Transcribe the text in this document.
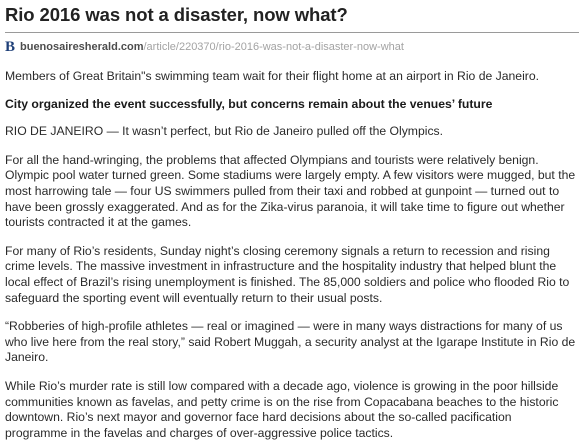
Rio 2016 was not a disaster, now what?
B buenosairesherald.com /article/220370/rio-2016-was-not-a-disaster-now-what

Members of Great Britain"s swimming team wait for their flight home at an airport in Rio de Janeiro.

City organized the event successfully, but concerns remain about the venues’ future

RIO DE JANEIRO — It wasn’t perfect, but Rio de Janeiro pulled off the Olympics.

For all the hand-wringing, the problems that affected Olympians and tourists were relatively benign. Olympic pool water turned green. Some stadiums were largely empty. A few visitors were mugged, but the most harrowing tale — four US swimmers pulled from their taxi and robbed at gunpoint — turned out to have been grossly exaggerated. And as for the Zika-virus paranoia, it will take time to figure out whether tourists contracted it at the games.

For many of Rio’s residents, Sunday night’s closing ceremony signals a return to recession and rising crime levels. The massive investment in infrastructure and the hospitality industry that helped blunt the local effect of Brazil’s rising unemployment is finished. The 85,000 soldiers and police who flooded Rio to safeguard the sporting event will eventually return to their usual posts.

“Robberies of high-profile athletes — real or imagined — were in many ways distractions for many of us who live here from the real story,” said Robert Muggah, a security analyst at the Igarape Institute in Rio de Janeiro.

While Rio’s murder rate is still low compared with a decade ago, violence is growing in the poor hillside communities known as favelas, and petty crime is on the rise from Copacabana beaches to the historic downtown. Rio’s next mayor and governor face hard decisions about the so-called pacification programme in the favelas and charges of over-aggressive police tactics.
